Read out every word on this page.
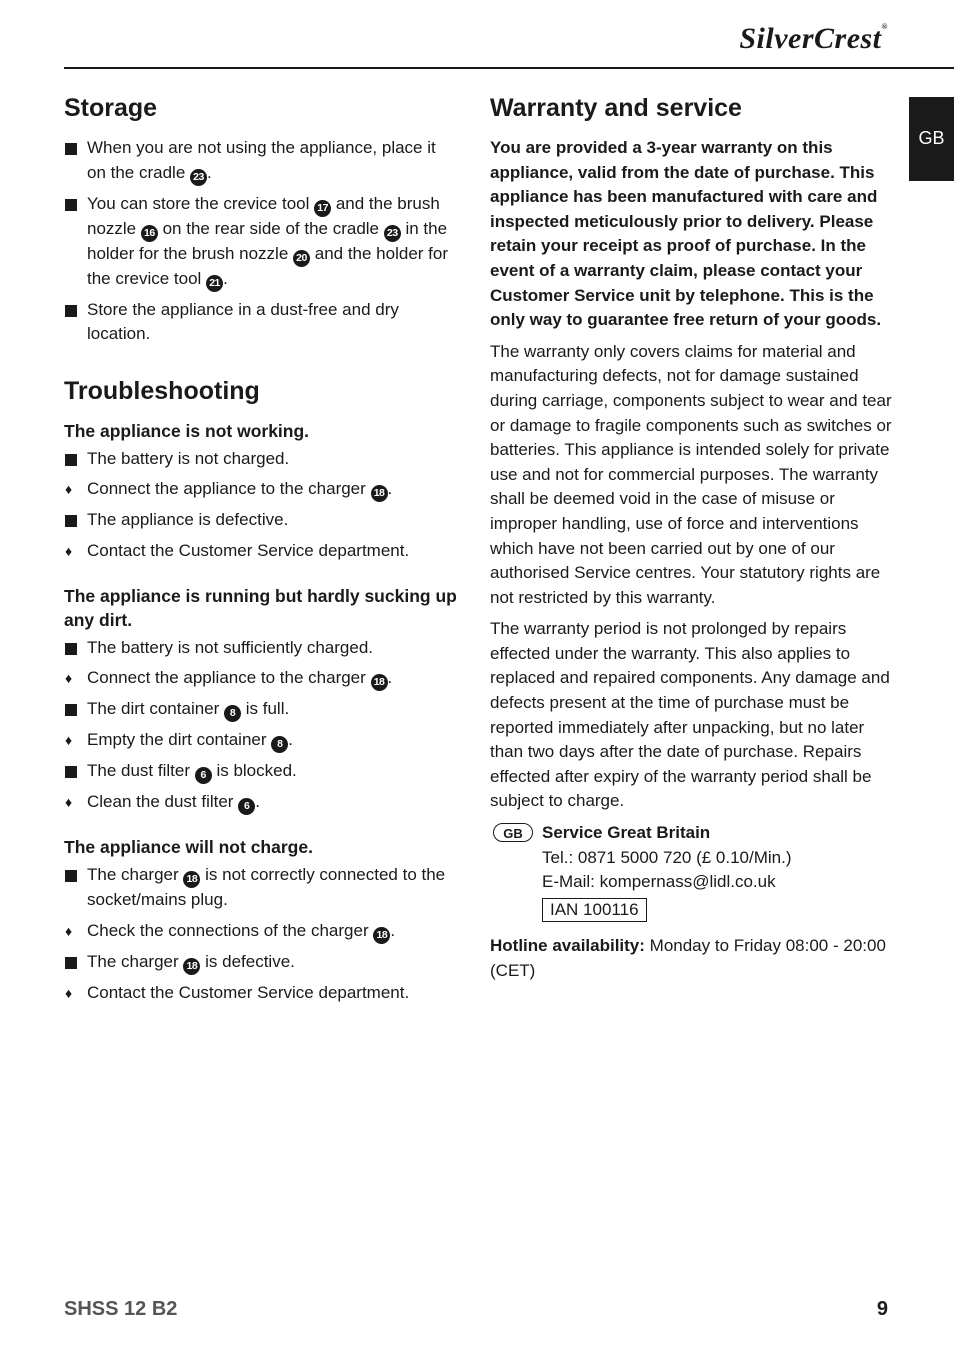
SilverCrest®
GB
Storage
When you are not using the appliance, place it on the cradle 23 .
You can store the crevice tool 17 and the brush nozzle 16 on the rear side of the cradle 23 in the holder for the brush nozzle 20 and the holder for the crevice tool 21 .
Store the appliance in a dust-free and dry location.
Troubleshooting
The appliance is not working.
The battery is not charged.
♦ Connect the appliance to the charger 18 .
The appliance is defective.
♦ Contact the Customer Service department.
The appliance is running but hardly sucking up any dirt.
The battery is not sufficiently charged.
♦ Connect the appliance to the charger 18 .
The dirt container 8 is full.
♦ Empty the dirt container 8 .
The dust filter 6 is blocked.
♦ Clean the dust filter 6 .
The appliance will not charge.
The charger 18 is not correctly connected to the socket/mains plug.
♦ Check the connections of the charger 18 .
The charger 18 is defective.
♦ Contact the Customer Service department.
Warranty and service

You are provided a 3-year warranty on this appliance, valid from the date of purchase. This appliance has been manufactured with care and inspected meticulously prior to delivery. Please retain your receipt as proof of purchase. In the event of a warranty claim, please contact your Customer Service unit by telephone. This is the only way to guarantee free return of your goods.

The warranty only covers claims for material and manufacturing defects, not for damage sustained during carriage, components subject to wear and tear or damage to fragile components such as switches or batteries. This appliance is intended solely for private use and not for commercial purposes. The warranty shall be deemed void in the case of misuse or improper handling, use of force and interventions which have not been carried out by one of our authorised Service centres. Your statutory rights are not restricted by this warranty.

The warranty period is not prolonged by repairs effected under the warranty. This also applies to replaced and repaired components. Any damage and defects present at the time of purchase must be reported immediately after unpacking, but no later than two days after the date of purchase. Repairs effected after expiry of the warranty period shall be subject to charge.

GB	Service Great Britain
Tel.: 0871 5000 720 (£ 0.10/Min.)
E-Mail: kompernass@lidl.co.uk
IAN 100116
Hotline availability: Monday to Friday 08:00 - 20:00 (CET)
SHSS 12 B2	9
